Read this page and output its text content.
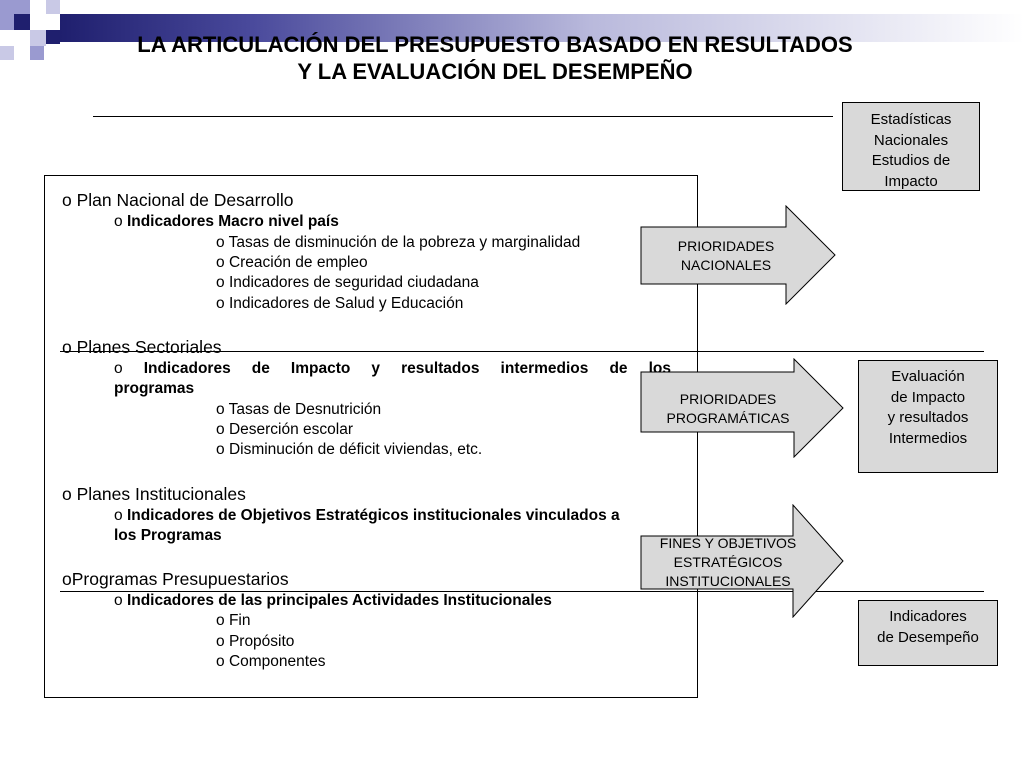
LA ARTICULACIÓN DEL PRESUPUESTO BASADO EN RESULTADOS
Y LA EVALUACIÓN DEL DESEMPEÑO
o Plan Nacional de Desarrollo
o Indicadores Macro nivel país
o Tasas de disminución de la pobreza y marginalidad
o Creación de empleo
o Indicadores de seguridad ciudadana
o Indicadores de Salud y Educación
o Planes Sectoriales
o Indicadores de Impacto y resultados intermedios de los
programas
o Tasas de Desnutrición
o Deserción escolar
o Disminución de déficit viviendas, etc.
o Planes Institucionales
o Indicadores de Objetivos Estratégicos institucionales vinculados a
los Programas
oProgramas Presupuestarios
o Indicadores de las principales Actividades Institucionales
o Fin
o Propósito
o Componentes
PRIORIDADES
NACIONALES
PRIORIDADES
PROGRAMÁTICAS
FINES Y OBJETIVOS
ESTRATÉGICOS
INSTITUCIONALES
Estadísticas
Nacionales
Estudios de
Impacto
Evaluación
de Impacto
y resultados
Intermedios
Indicadores
de Desempeño
